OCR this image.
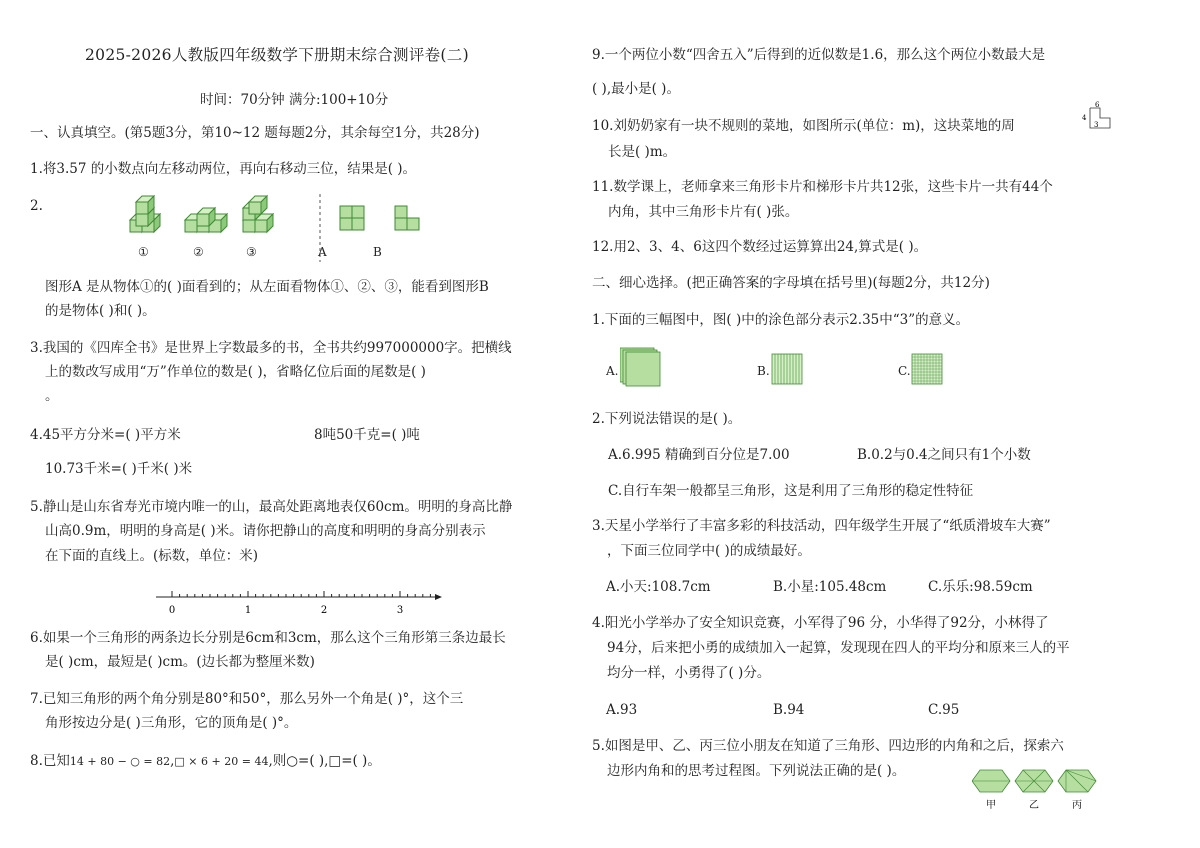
2025-2026人教版四年级数学下册期末综合测评卷(二)
时间：70分钟 满分:100+10分
一、认真填空。(第5题3分，第10~12 题每题2分，其余每空1分，共28分)
1.将3.57 的小数点向左移动两位，再向右移动三位，结果是( )。
2.
①	②	③	A	B
图形A 是从物体①的( )面看到的；从左面看物体①、②、③，能看到图形B
的是物体( )和( )。
3.我国的《四库全书》是世界上字数最多的书，全书共约997000000字。把横线
上的数改写成用“万”作单位的数是( )，省略亿位后面的尾数是( )
。
4.45平方分米=( )平方米	8吨50千克=( )吨
10.73千米=( )千米( )米
5.静山是山东省寿光市境内唯一的山，最高处距离地表仅60cm。明明的身高比静
山高0.9m，明明的身高是( )米。请你把静山的高度和明明的身高分别表示
在下面的直线上。(标数，单位：米)
0	1	2	3
6.如果一个三角形的两条边长分别是6cm和3cm，那么这个三角形第三条边最长
是( )cm，最短是( )cm。(边长都为整厘米数)
7.已知三角形的两个角分别是80°和50°，那么另外一个角是( )°，这个三
角形按边分是( )三角形，它的顶角是( )°。
8.已知14 + 80 − ○ = 82,□ × 6 + 20 = 44,则○=( ),□=( )。
9.一个两位小数“四舍五入”后得到的近似数是1.6，那么这个两位小数最大是
( ),最小是( )。
10.刘奶奶家有一块不规则的菜地，如图所示(单位：m)，这块菜地的周
长是( )m。
6
4
3
11.数学课上，老师拿来三角形卡片和梯形卡片共12张，这些卡片一共有44个
内角，其中三角形卡片有( )张。
12.用2、3、4、6这四个数经过运算算出24,算式是( )。
二、细心选择。(把正确答案的字母填在括号里)(每题2分，共12分)
1.下面的三幅图中，图( )中的涂色部分表示2.35中“3”的意义。
A.	B.	C.
2.下列说法错误的是( )。
A.6.995 精确到百分位是7.00	B.0.2与0.4之间只有1个小数
C.自行车架一般都呈三角形，这是利用了三角形的稳定性特征
3.天星小学举行了丰富多彩的科技活动，四年级学生开展了“纸质滑坡车大赛”
，下面三位同学中( )的成绩最好。
A.小天:108.7cm	B.小星:105.48cm	C.乐乐:98.59cm
4.阳光小学举办了安全知识竞赛，小军得了96 分，小华得了92分，小林得了
94分，后来把小勇的成绩加入一起算，发现现在四人的平均分和原来三人的平
均分一样，小勇得了( )分。
A.93	B.94	C.95
5.如图是甲、乙、丙三位小朋友在知道了三角形、四边形的内角和之后，探索六
边形内角和的思考过程图。下列说法正确的是( )。
甲	乙	丙
